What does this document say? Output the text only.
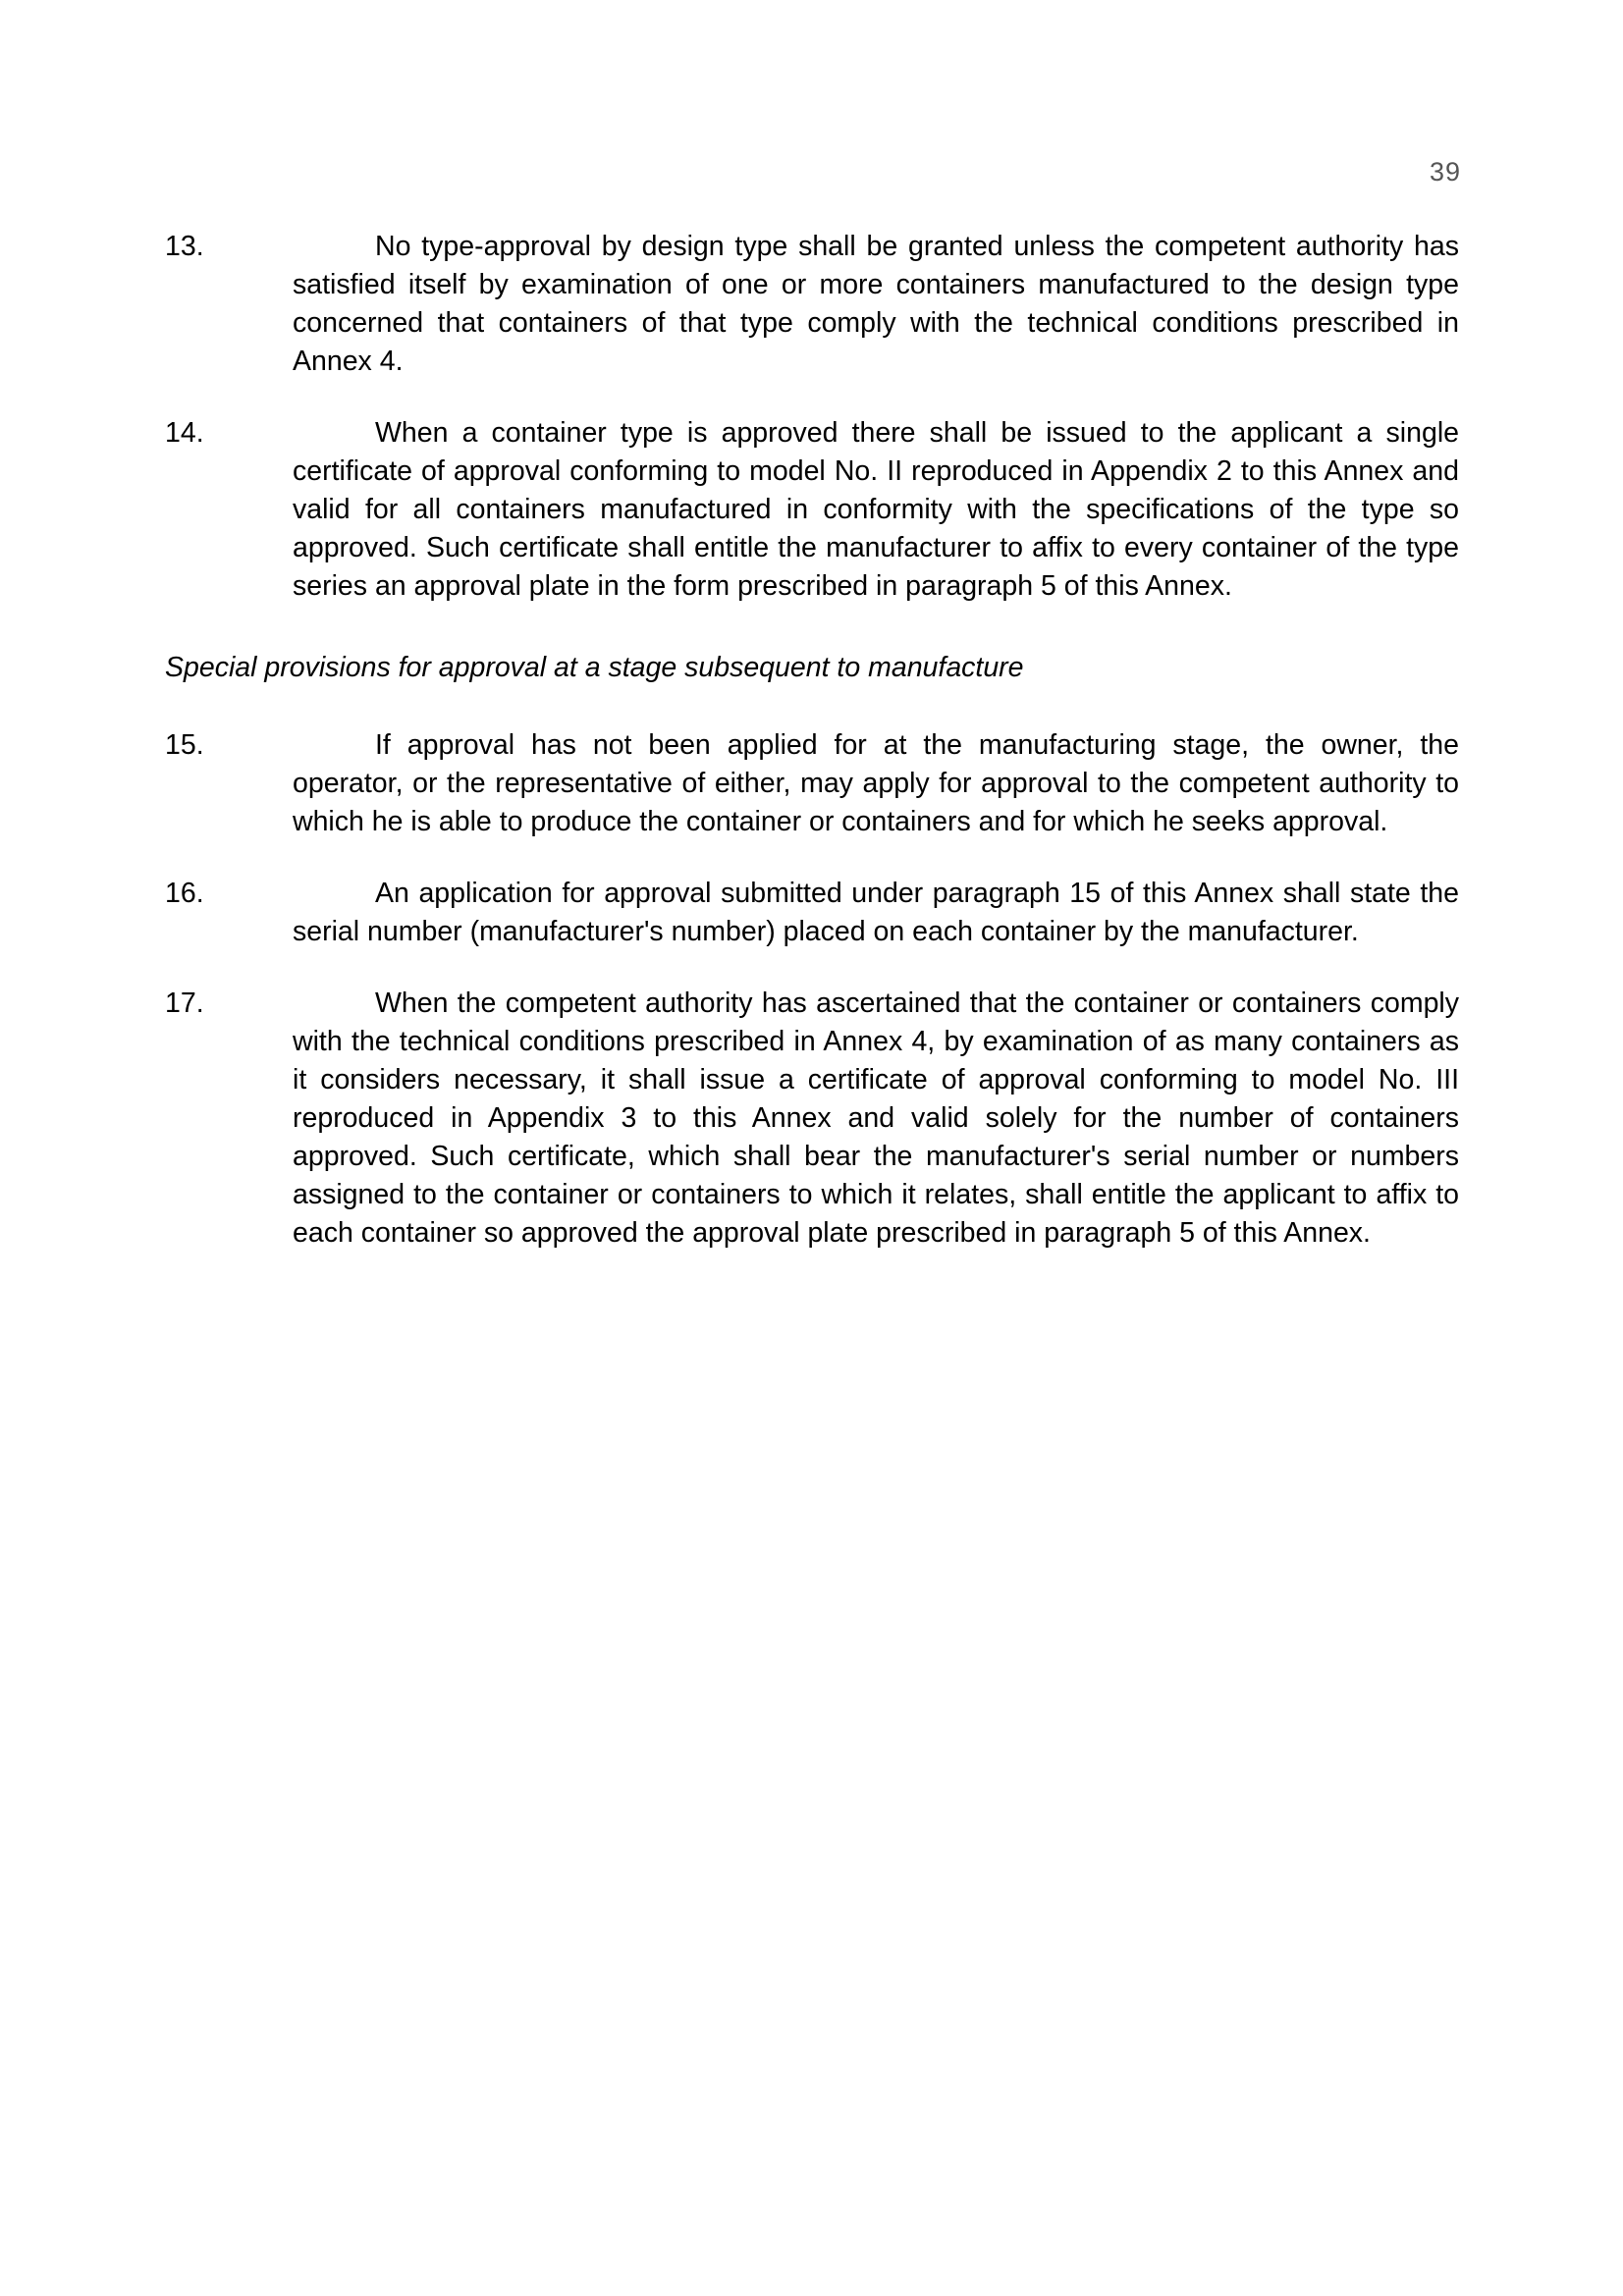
39
13.	No type-approval by design type shall be granted unless the competent authority has satisfied itself by examination of one or more containers manufactured to the design type concerned that containers of that type comply with the technical conditions prescribed in Annex 4.
14.	When a container type is approved there shall be issued to the applicant a single certificate of approval conforming to model No. II reproduced in Appendix 2 to this Annex and valid for all containers manufactured in conformity with the specifications of the type so approved. Such certificate shall entitle the manufacturer to affix to every container of the type series an approval plate in the form prescribed in paragraph 5 of this Annex.
Special provisions for approval at a stage subsequent to manufacture
15.	If approval has not been applied for at the manufacturing stage, the owner, the operator, or the representative of either, may apply for approval to the competent authority to which he is able to produce the container or containers and for which he seeks approval.
16.	An application for approval submitted under paragraph 15 of this Annex shall state the serial number (manufacturer's number) placed on each container by the manufacturer.
17.	When the competent authority has ascertained that the container or containers comply with the technical conditions prescribed in Annex 4, by examination of as many containers as it considers necessary, it shall issue a certificate of approval conforming to model No. III reproduced in Appendix 3 to this Annex and valid solely for the number of containers approved. Such certificate, which shall bear the manufacturer's serial number or numbers assigned to the container or containers to which it relates, shall entitle the applicant to affix to each container so approved the approval plate prescribed in paragraph 5 of this Annex.
